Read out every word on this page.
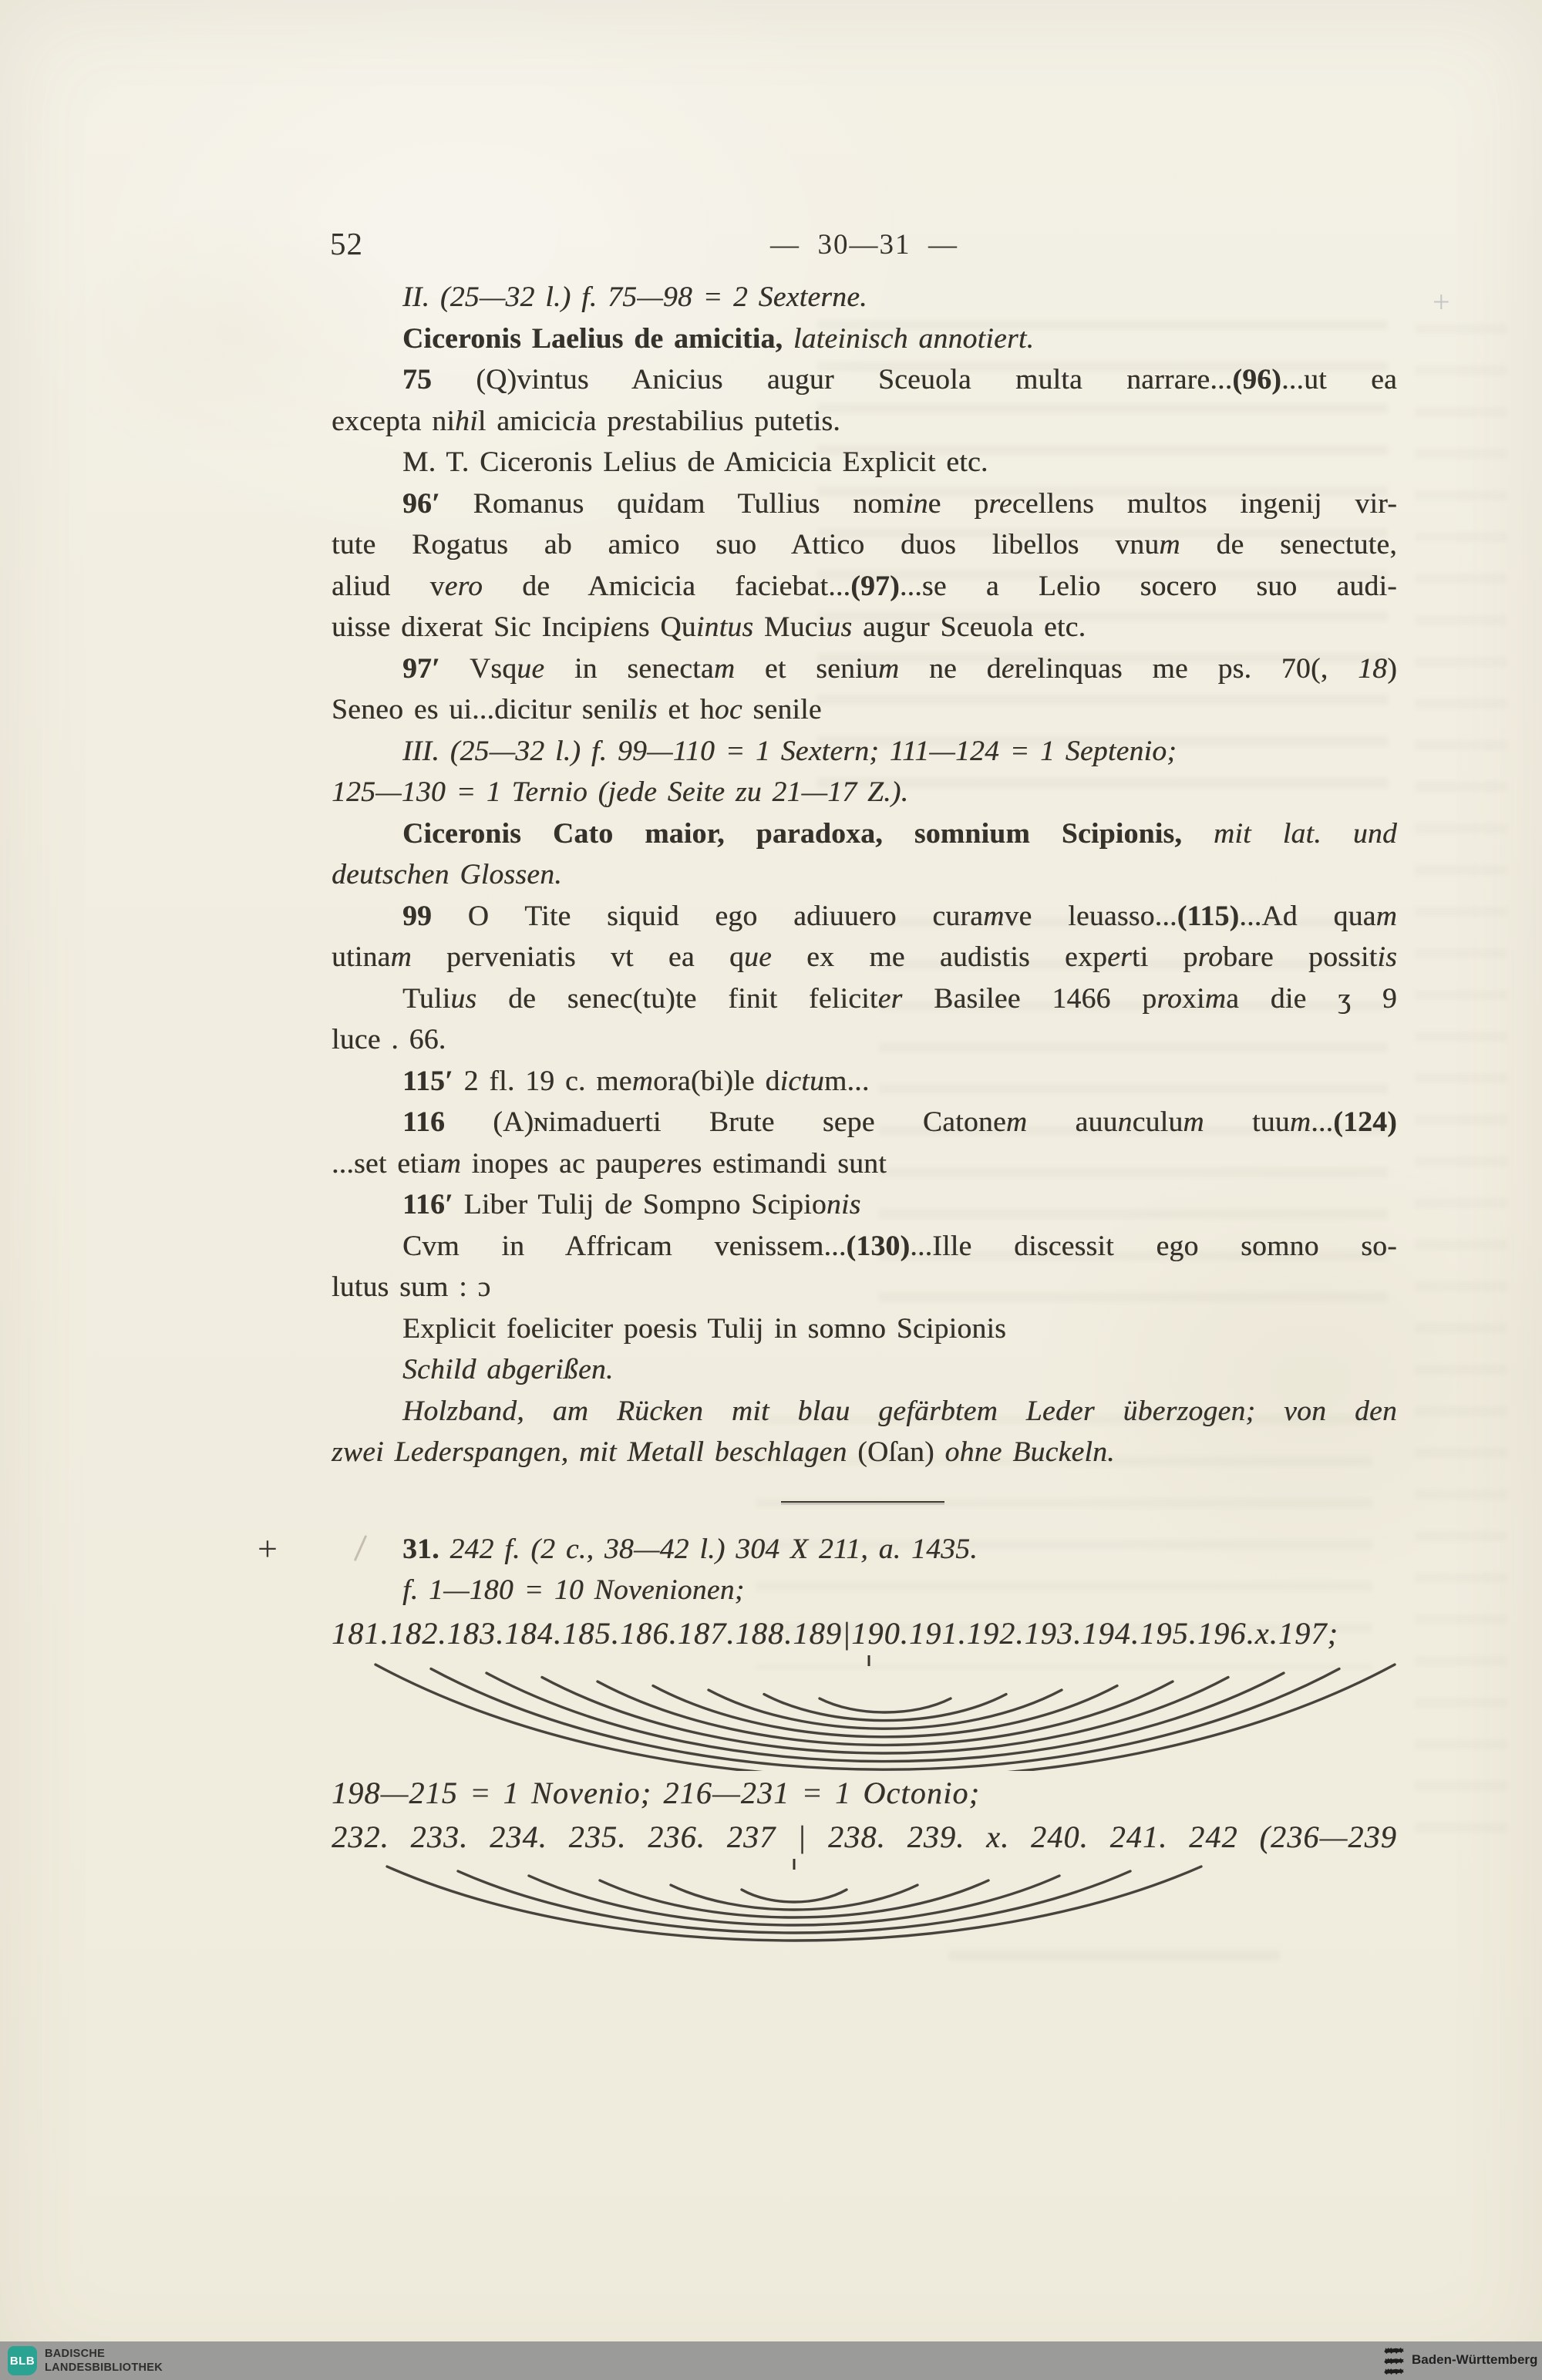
52	—  30—31  —
+
+
II. (25—32 l.) f. 75—98 = 2 Sexterne.
Ciceronis Laelius de amicitia, lateinisch annotiert.
75 (Q)vintus Anicius augur Sceuola multa narrare...(96)...ut ea
excepta nihil amicicia prestabilius putetis.
M. T. Ciceronis Lelius de Amicicia Explicit etc.
96′ Romanus quidam Tullius nomine precellens multos ingenij vir-
tute Rogatus ab amico suo Attico duos libellos vnum de senectute,
aliud vero de Amicicia faciebat...(97)...se a Lelio socero suo audi-
uisse dixerat Sic Incipiens Quintus Mucius augur Sceuola etc.
97′ Vsque in senectam et senium ne derelinquas me ps. 70(, 18)
Seneo es ui...dicitur senilis et hoc senile
III. (25—32 l.) f. 99—110 = 1 Sextern; 111—124 = 1 Septenio;
125—130 = 1 Ternio (jede Seite zu 21—17 Z.).
Ciceronis Cato maior, paradoxa, somnium Scipionis, mit lat. und
deutschen Glossen.
99 O Tite siquid ego adiuuero curamve leuasso...(115)...Ad quam
utinam perveniatis vt ea que ex me audistis experti probare possitis
Tulius de senec(tu)te finit feliciter Basilee 1466 proxima die ʒ 9
luce . 66.
115′ 2 fl. 19 c. memora(bi)le dictum...
116 (A)ɴimaduerti Brute sepe Catonem auunculum tuum...(124)
...set etiam inopes ac pauperes estimandi sunt
116′ Liber Tulij de Sompno Scipionis
Cvm in Affricam venissem...(130)...Ille discessit ego somno so-
lutus sum : ɔ
Explicit foeliciter poesis Tulij in somno Scipionis
Schild abgerißen.
Holzband, am Rücken mit blau gefärbtem Leder überzogen; von den
zwei Lederspangen, mit Metall beschlagen (Oſan) ohne Buckeln.
31. 242 f. (2 c., 38—42 l.) 304 X 211, a. 1435.
f. 1—180 = 10 Novenionen;
181.182.183.184.185.186.187.188.189|190.191.192.193.194.195.196.x.197;
198—215 = 1 Novenio; 216—231 = 1 Octonio;
232. 233. 234. 235. 236. 237 | 238. 239. x. 240. 241. 242 (236—239
BLB
BADISCHE
LANDESBIBLIOTHEK
Baden-Württemberg
